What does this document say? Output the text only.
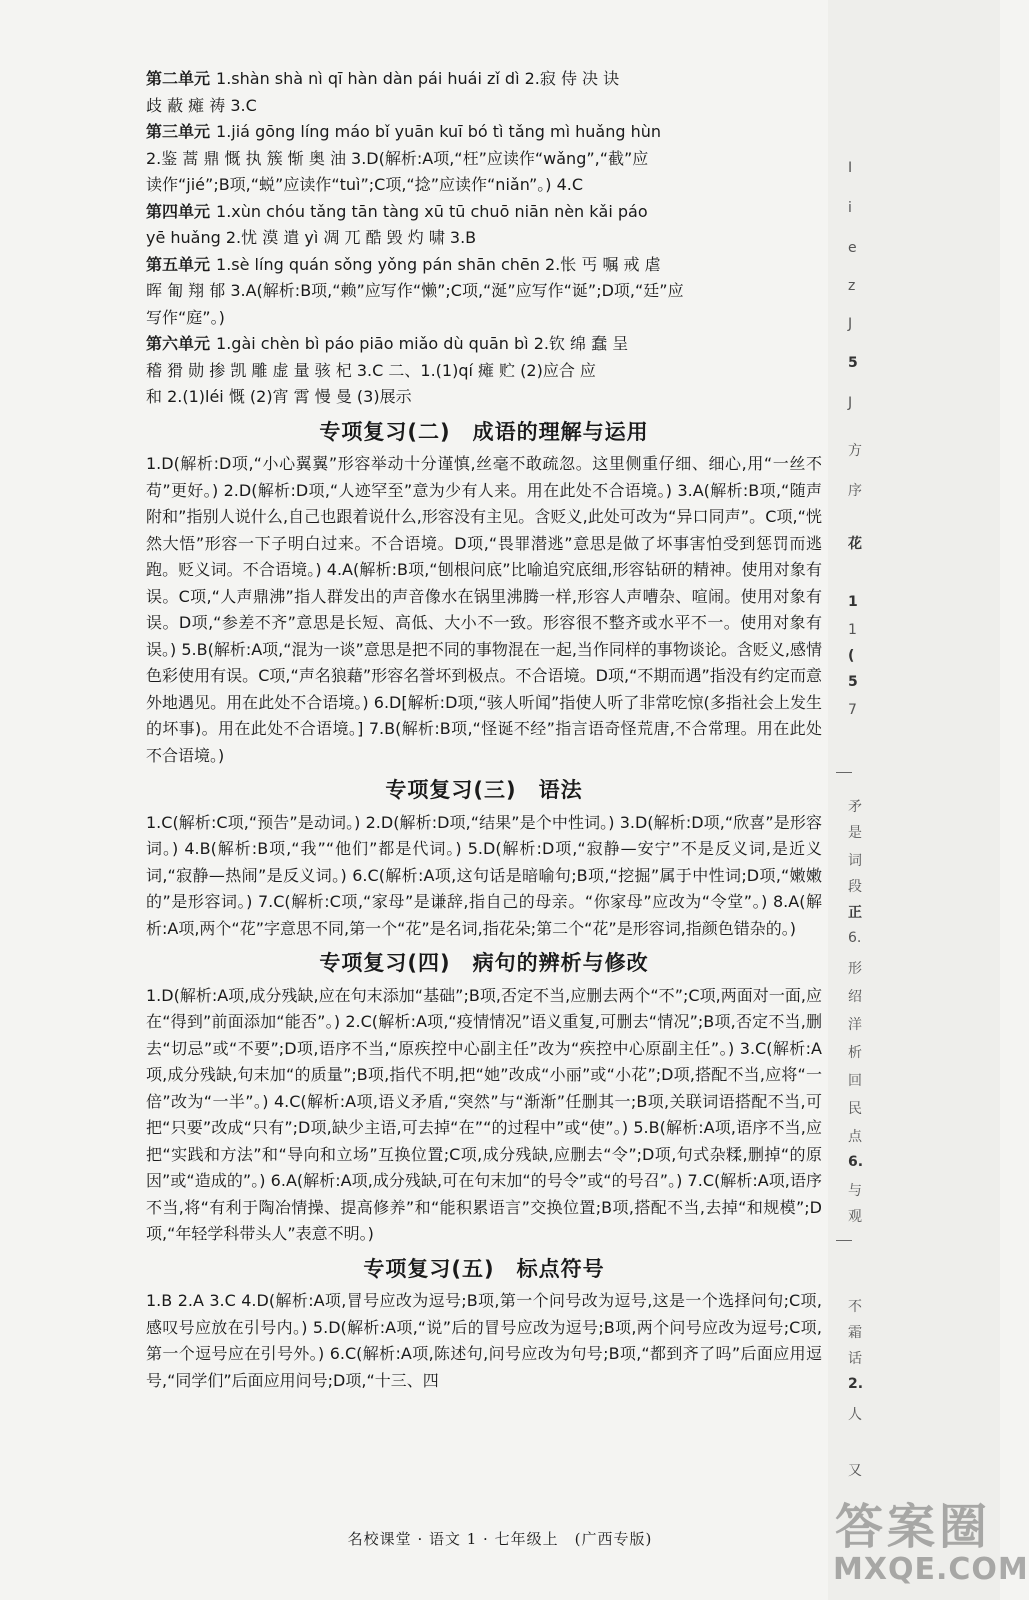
第二单元 1.shàn shà nì qī hàn dàn pái huái zǐ dì 2.寂 侍 决 诀

歧 蔽 瘫 祷 3.C

第三单元 1.jiá gōng líng máo bǐ yuān kuī bó tì tǎng mì huǎng hùn

2.鉴 蒿 鼎 慨 执 簇 惭 奥 油 3.D(解析:A项,“枉”应读作“wǎng”,“截”应

读作“jié”;B项,“蜕”应读作“tuì”;C项,“捻”应读作“niǎn”。) 4.C

第四单元 1.xùn chóu tǎng tān tàng xū tū chuō niān nèn kǎi páo

yē huǎng 2.忧 漠 遣 yì 凋 兀 酷 毁 灼 啸 3.B

第五单元 1.sè líng quán sǒng yǒng pán shān chēn 2.怅 丐 嘱 戒 虐

晖 匍 翔 郁 3.A(解析:B项,“赖”应写作“懒”;C项,“涎”应写作“诞”;D项,“廷”应

写作“庭”。)

第六单元 1.gài chèn bì páo piāo miǎo dù quān bì 2.钦 绵 蠢 呈

稽 猾 勋 掺 凯 雕 虚 量 骇 杞 3.C 二、1.(1)qí 瘫 贮 (2)应合 应

和 2.(1)léi 慨 (2)宵 霄 慢 曼 (3)展示

专项复习(二)　成语的理解与运用

1.D(解析:D项,“小心翼翼”形容举动十分谨慎,丝毫不敢疏忽。这里侧重仔细、细心,用“一丝不苟”更好。) 2.D(解析:D项,“人迹罕至”意为少有人来。用在此处不合语境。) 3.A(解析:B项,“随声附和”指别人说什么,自己也跟着说什么,形容没有主见。含贬义,此处可改为“异口同声”。C项,“恍然大悟”形容一下子明白过来。不合语境。D项,“畏罪潜逃”意思是做了坏事害怕受到惩罚而逃跑。贬义词。不合语境。) 4.A(解析:B项,“刨根问底”比喻追究底细,形容钻研的精神。使用对象有误。C项,“人声鼎沸”指人群发出的声音像水在锅里沸腾一样,形容人声嘈杂、喧闹。使用对象有误。D项,“参差不齐”意思是长短、高低、大小不一致。形容很不整齐或水平不一。使用对象有误。) 5.B(解析:A项,“混为一谈”意思是把不同的事物混在一起,当作同样的事物谈论。含贬义,感情色彩使用有误。C项,“声名狼藉”形容名誉坏到极点。不合语境。D项,“不期而遇”指没有约定而意外地遇见。用在此处不合语境。) 6.D[解析:D项,“骇人听闻”指使人听了非常吃惊(多指社会上发生的坏事)。用在此处不合语境。] 7.B(解析:B项,“怪诞不经”指言语奇怪荒唐,不合常理。用在此处不合语境。)

专项复习(三)　语法

1.C(解析:C项,“预告”是动词。) 2.D(解析:D项,“结果”是个中性词。) 3.D(解析:D项,“欣喜”是形容词。) 4.B(解析:B项,“我”“他们”都是代词。) 5.D(解析:D项,“寂静—安宁”不是反义词,是近义词,“寂静—热闹”是反义词。) 6.C(解析:A项,这句话是暗喻句;B项,“挖掘”属于中性词;D项,“嫩嫩的”是形容词。) 7.C(解析:C项,“家母”是谦辞,指自己的母亲。“你家母”应改为“令堂”。) 8.A(解析:A项,两个“花”字意思不同,第一个“花”是名词,指花朵;第二个“花”是形容词,指颜色错杂的。)

专项复习(四)　病句的辨析与修改

1.D(解析:A项,成分残缺,应在句末添加“基础”;B项,否定不当,应删去两个“不”;C项,两面对一面,应在“得到”前面添加“能否”。) 2.C(解析:A项,“疫情情况”语义重复,可删去“情况”;B项,否定不当,删去“切忌”或“不要”;D项,语序不当,“原疾控中心副主任”改为“疾控中心原副主任”。) 3.C(解析:A项,成分残缺,句末加“的质量”;B项,指代不明,把“她”改成“小丽”或“小花”;D项,搭配不当,应将“一倍”改为“一半”。) 4.C(解析:A项,语义矛盾,“突然”与“渐渐”任删其一;B项,关联词语搭配不当,可把“只要”改成“只有”;D项,缺少主语,可去掉“在”“的过程中”或“使”。) 5.B(解析:A项,语序不当,应把“实践和方法”和“导向和立场”互换位置;C项,成分残缺,应删去“令”;D项,句式杂糅,删掉“的原因”或“造成的”。) 6.A(解析:A项,成分残缺,可在句末加“的号令”或“的号召”。) 7.C(解析:A项,语序不当,将“有利于陶冶情操、提高修养”和“能积累语言”交换位置;B项,搭配不当,去掉“和规模”;D项,“年轻学科带头人”表意不明。)

专项复习(五)　标点符号

1.B 2.A 3.C 4.D(解析:A项,冒号应改为逗号;B项,第一个问号改为逗号,这是一个选择问句;C项,感叹号应放在引号内。) 5.D(解析:A项,“说”后的冒号应改为逗号;B项,两个问号应改为逗号;C项,第一个逗号应在引号外。) 6.C(解析:A项,陈述句,问号应改为句号;B项,“都到齐了吗”后面应用逗号,“同学们”后面应用问号;D项,“十三、四

I
i
e
z
J
5
J
方
序
花
1
1
(
5
7
矛
是
词
段
正
6.
形
绍
洋
析
回
民
点
6.
与
观
不
霜
话
2.
人
又
名校课堂 · 语文 1 · 七年级上　(广西专版)	答案圈
MXQE.COM
